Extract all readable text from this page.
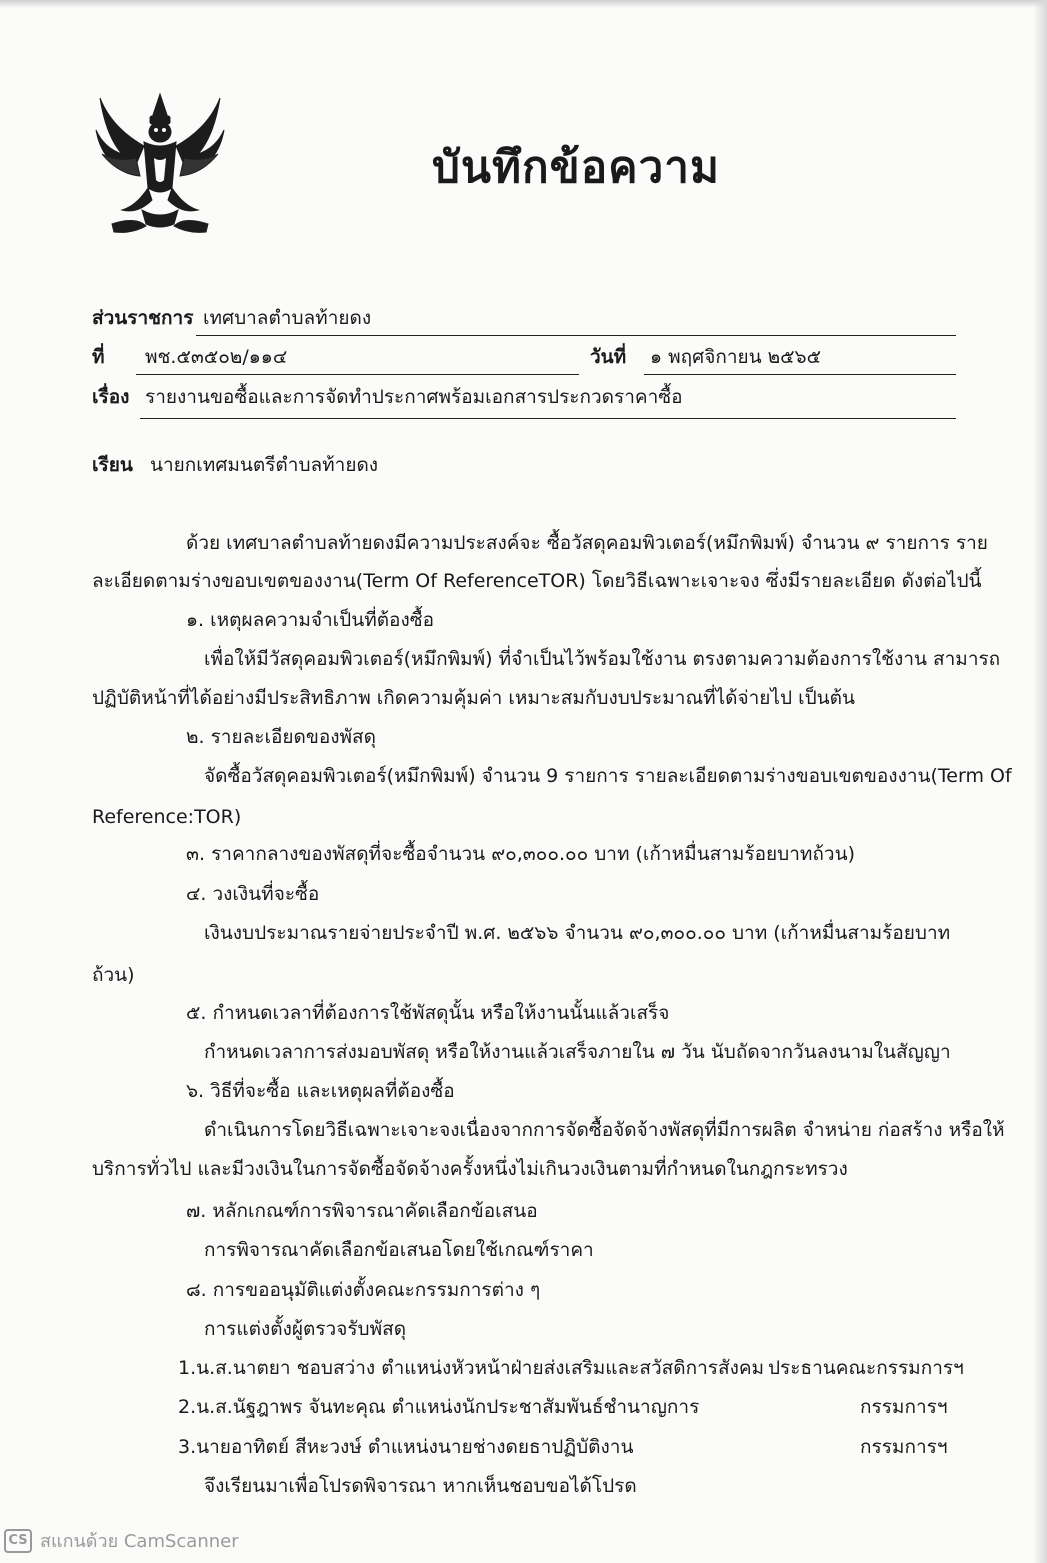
บันทึกข้อความ
ส่วนราชการ เทศบาลตำบลท้ายดง
ที่ พช.๕๓๕๐๒/๑๑๔	วันที่ ๑ พฤศจิกายน ๒๕๖๕
เรื่อง รายงานขอซื้อและการจัดทำประกาศพร้อมเอกสารประกวดราคาซื้อ
เรียน นายกเทศมนตรีตำบลท้ายดง
ด้วย เทศบาลตำบลท้ายดงมีความประสงค์จะ ซื้อวัสดุคอมพิวเตอร์(หมึกพิมพ์) จำนวน ๙ รายการ ราย
ละเอียดตามร่างขอบเขตของงาน(Term Of ReferenceTOR) โดยวิธีเฉพาะเจาะจง ซึ่งมีรายละเอียด ดังต่อไปนี้
๑. เหตุผลความจำเป็นที่ต้องซื้อ
เพื่อให้มีวัสดุคอมพิวเตอร์(หมึกพิมพ์) ที่จำเป็นไว้พร้อมใช้งาน ตรงตามความต้องการใช้งาน สามารถ
ปฏิบัติหน้าที่ได้อย่างมีประสิทธิภาพ เกิดความคุ้มค่า เหมาะสมกับงบประมาณที่ได้จ่ายไป เป็นต้น
๒. รายละเอียดของพัสดุ
จัดซื้อวัสดุคอมพิวเตอร์(หมึกพิมพ์) จำนวน 9 รายการ รายละเอียดตามร่างขอบเขตของงาน(Term Of
Reference:TOR)
๓. ราคากลางของพัสดุที่จะซื้อจำนวน ๙๐,๓๐๐.๐๐ บาท (เก้าหมื่นสามร้อยบาทถ้วน)
๔. วงเงินที่จะซื้อ
เงินงบประมาณรายจ่ายประจำปี พ.ศ. ๒๕๖๖ จำนวน ๙๐,๓๐๐.๐๐ บาท (เก้าหมื่นสามร้อยบาท
ถ้วน)
๕. กำหนดเวลาที่ต้องการใช้พัสดุนั้น หรือให้งานนั้นแล้วเสร็จ
กำหนดเวลาการส่งมอบพัสดุ หรือให้งานแล้วเสร็จภายใน ๗ วัน นับถัดจากวันลงนามในสัญญา
๖. วิธีที่จะซื้อ และเหตุผลที่ต้องซื้อ
ดำเนินการโดยวิธีเฉพาะเจาะจงเนื่องจากการจัดซื้อจัดจ้างพัสดุที่มีการผลิต จำหน่าย ก่อสร้าง หรือให้
บริการทั่วไป และมีวงเงินในการจัดซื้อจัดจ้างครั้งหนึ่งไม่เกินวงเงินตามที่กำหนดในกฎกระทรวง
๗. หลักเกณฑ์การพิจารณาคัดเลือกข้อเสนอ
การพิจารณาคัดเลือกข้อเสนอโดยใช้เกณฑ์ราคา
๘. การขออนุมัติแต่งตั้งคณะกรรมการต่าง ๆ
การแต่งตั้งผู้ตรวจรับพัสดุ
1.น.ส.นาตยา ชอบสว่าง ตำแหน่งหัวหน้าฝ่ายส่งเสริมและสวัสดิการสังคม ประธานคณะกรรมการฯ
2.น.ส.นัฐฎาพร จันทะคุณ ตำแหน่งนักประชาสัมพันธ์ชำนาญการ	กรรมการฯ
3.นายอาทิตย์ สีหะวงษ์ ตำแหน่งนายช่างดยธาปฏิบัติงาน	กรรมการฯ
จึงเรียนมาเพื่อโปรดพิจารณา หากเห็นชอบขอได้โปรด
CS สแกนด้วย CamScanner
